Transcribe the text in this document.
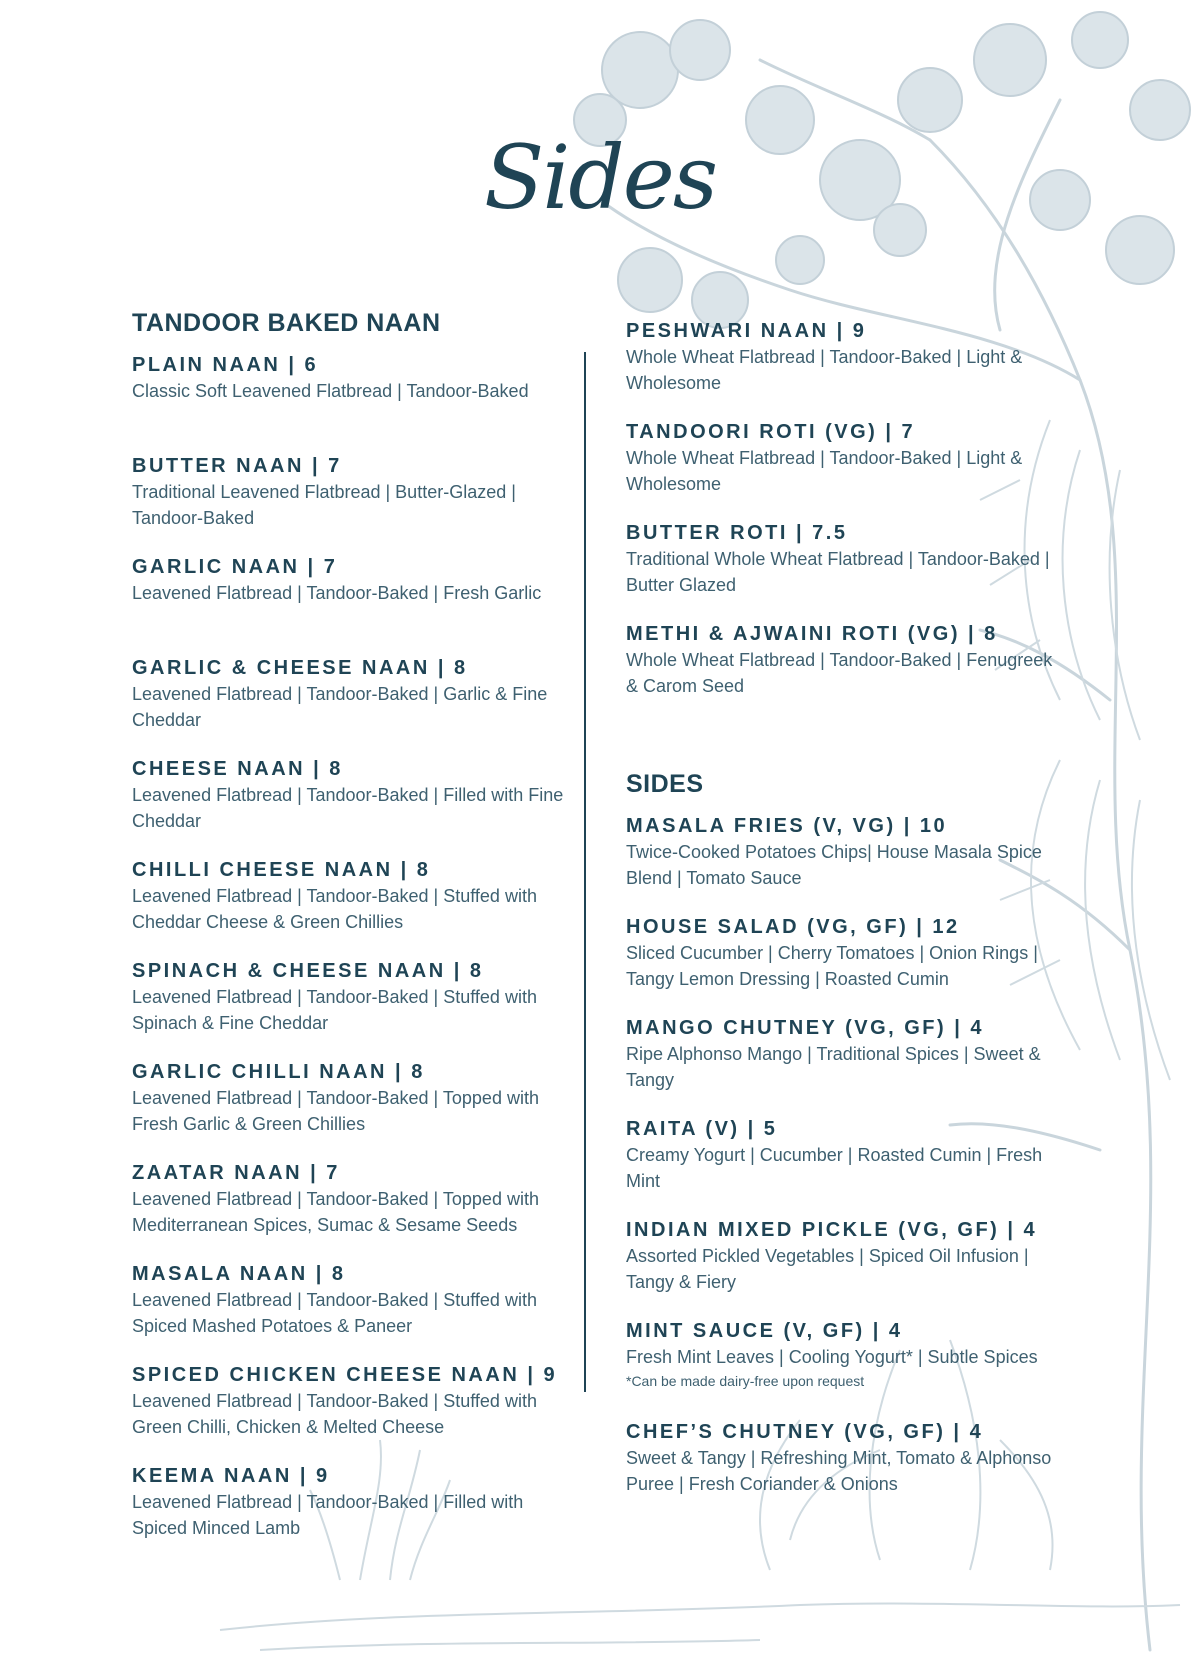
Sides
TANDOOR BAKED NAAN
PLAIN NAAN | 6
Classic Soft Leavened Flatbread | Tandoor-Baked
BUTTER NAAN | 7
Traditional Leavened Flatbread | Butter-Glazed | Tandoor-Baked
GARLIC NAAN | 7
Leavened Flatbread | Tandoor-Baked | Fresh Garlic
GARLIC & CHEESE NAAN | 8
Leavened Flatbread | Tandoor-Baked | Garlic & Fine Cheddar
CHEESE NAAN | 8
Leavened Flatbread | Tandoor-Baked | Filled with Fine Cheddar
CHILLI CHEESE NAAN | 8
Leavened Flatbread | Tandoor-Baked | Stuffed with Cheddar Cheese & Green Chillies
SPINACH & CHEESE NAAN | 8
Leavened Flatbread | Tandoor-Baked | Stuffed with Spinach & Fine Cheddar
GARLIC CHILLI NAAN | 8
Leavened Flatbread | Tandoor-Baked | Topped with Fresh Garlic & Green Chillies
ZAATAR NAAN | 7
Leavened Flatbread | Tandoor-Baked | Topped with Mediterranean Spices, Sumac & Sesame Seeds
MASALA NAAN | 8
Leavened Flatbread | Tandoor-Baked | Stuffed with Spiced Mashed Potatoes & Paneer
SPICED CHICKEN CHEESE NAAN | 9
Leavened Flatbread | Tandoor-Baked | Stuffed with Green Chilli, Chicken & Melted Cheese
KEEMA NAAN | 9
Leavened Flatbread | Tandoor-Baked | Filled with Spiced Minced Lamb
PESHWARI NAAN | 9
Whole Wheat Flatbread | Tandoor-Baked | Light & Wholesome
TANDOORI ROTI (VG) | 7
Whole Wheat Flatbread | Tandoor-Baked | Light & Wholesome
BUTTER ROTI | 7.5
Traditional Whole Wheat Flatbread | Tandoor-Baked | Butter Glazed
METHI & AJWAINI ROTI (VG) | 8
Whole Wheat Flatbread | Tandoor-Baked | Fenugreek & Carom Seed
SIDES
MASALA FRIES (V, VG) | 10
Twice-Cooked Potatoes Chips| House Masala Spice Blend | Tomato Sauce
HOUSE SALAD (VG, GF) | 12
Sliced Cucumber | Cherry Tomatoes | Onion Rings | Tangy Lemon Dressing | Roasted Cumin
MANGO CHUTNEY (VG, GF) | 4
Ripe Alphonso Mango | Traditional Spices | Sweet & Tangy
RAITA (V) | 5
Creamy Yogurt | Cucumber | Roasted Cumin | Fresh Mint
INDIAN MIXED PICKLE (VG, GF) | 4
Assorted Pickled Vegetables | Spiced Oil Infusion | Tangy & Fiery
MINT SAUCE (V, GF) | 4
Fresh Mint Leaves | Cooling Yogurt* | Subtle Spices
*Can be made dairy-free upon request
CHEF’S CHUTNEY (VG, GF) | 4
Sweet & Tangy | Refreshing Mint, Tomato & Alphonso Puree | Fresh Coriander & Onions
